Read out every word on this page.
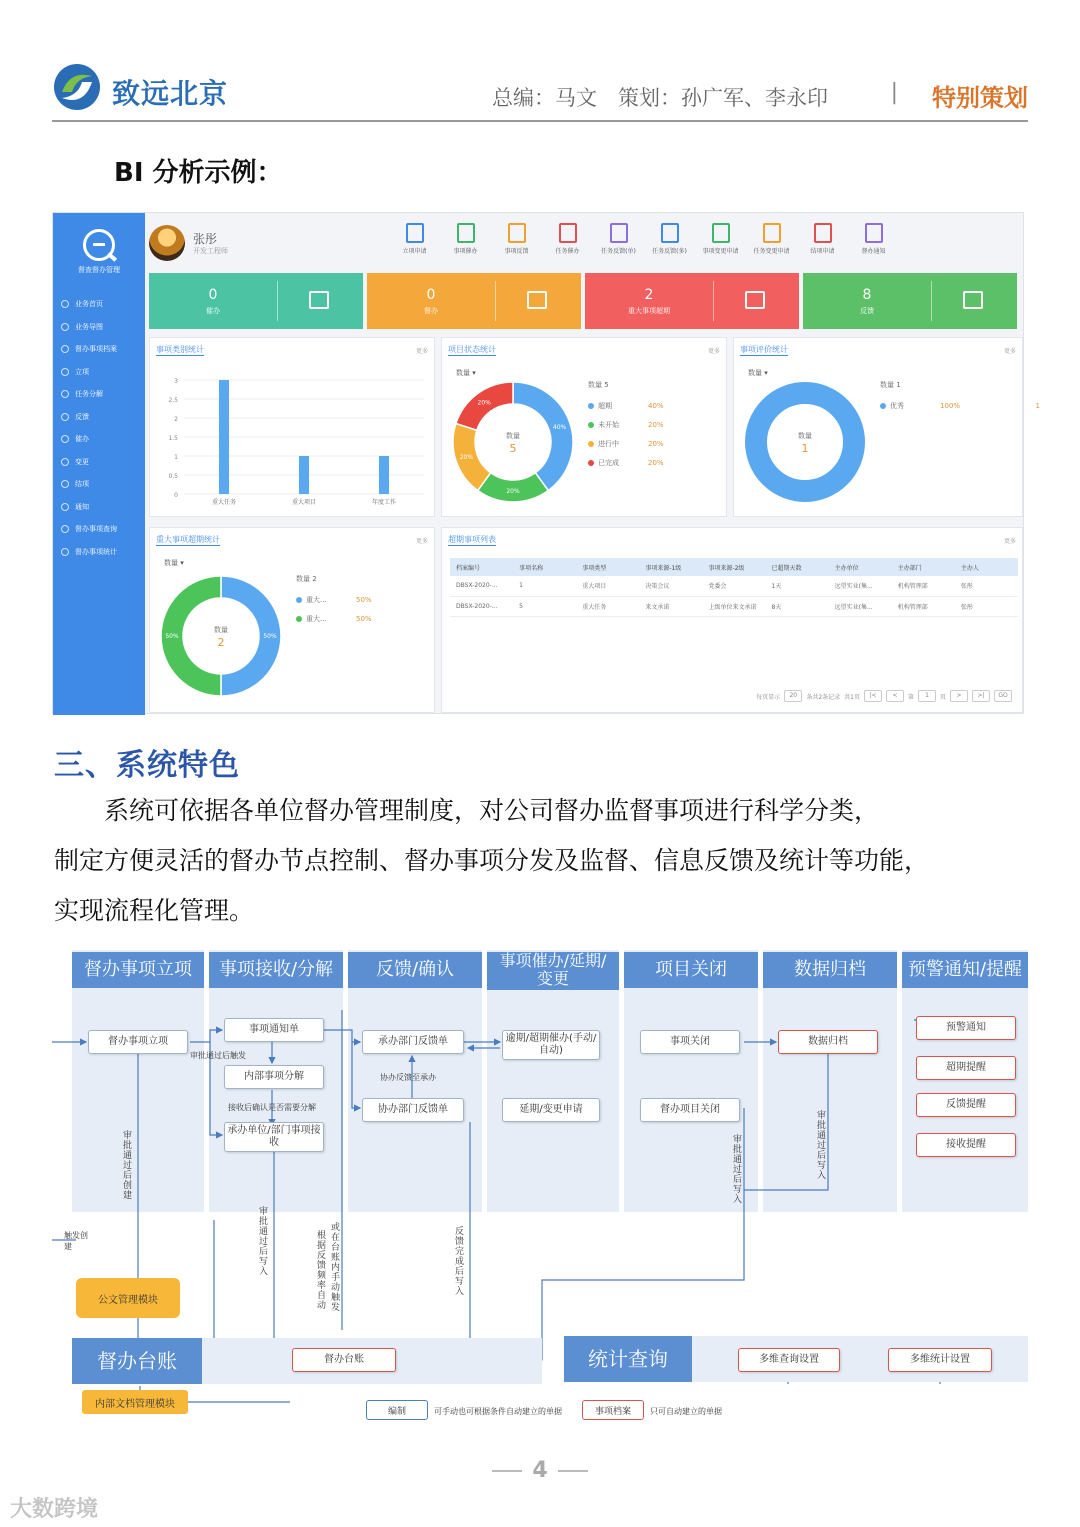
致远北京	总编：马文　策划：孙广军、李永印	| 特别策划
BI 分析示例：
督查督办管理
业务首页
业务导图
督办事项档案
立项
任务分解
反馈
催办
变更
结项
通知
督办事项查询
督办事项统计
张彤
开发工程师	立项申请	事项催办	事项反馈	任务催办	任务反馈(单)	任务反馈(多)	事项变更申请	任务变更申请	结项申请	督办通知
0
催办
0
督办
2
重大事项超期
8
反馈
事项类别统计	更多
3
2.5
2
1.5
1
0.5
0
重大任务	重大项目	年度工作
项目状态统计	更多
数量 ▾
40%
20%
20%
20%
数量
5
数量 5
超期	40%
未开始	20%
进行中	20%
已完成	20%
事项评价统计	更多
数量 ▾
数量
1
数量 1
优秀	100%	1
重大事项超期统计	更多
数量 ▾
50%
50%
数量
2
数量 2
重大...	50%
重大...	50%
超期事项列表	更多
档案编号	事项名称	事项类型	事项来源-1级	事项来源-2级	已超期天数	主办单位	主办部门	主办人
DBSX-2020-...	1	重大项目	决策会议	党委会	1天	远望实业(集...	机构管理部	张彤
DBSX-2020-...	5	重大任务	来文承诺	上级单位来文承诺	8天	远望实业(集...	机构管理部	张彤
每页显示	20	条共2条记录 共1页	|<	<	第	1	页	>	>|	GO
三、系统特色
　　系统可依据各单位督办管理制度，对公司督办监督事项进行科学分类，
制定方便灵活的督办节点控制、督办事项分发及监督、信息反馈及统计等功能，
实现流程化管理。
督办事项立项	事项接收/分解	反馈/确认	事项催办/延期/变更	项目关闭	数据归档	预警通知/提醒
督办事项立项
事项通知单
内部事项分解
承办单位/部门事项接收
承办部门反馈单
协办部门反馈单
逾期/超期催办(手动/自动)
延期/变更申请
事项关闭
督办项目关闭
数据归档
预警通知
超期提醒
反馈提醒
接收提醒
审批通过后触发
协办反馈至承办
接收后确认是否需要分解
审批通过后创建
触发创建	审批通过后写入	根据反馈频率自动 或在台账内手动触发	反馈完成后写入
审批通过后写入	审批通过后写入
公文管理模块
督办台账	督办台账	统计查询	多维查询设置	多维统计设置
内部文档管理模块
编制	可手动也可根据条件自动建立的单据	事项档案	只可自动建立的单据
4
大数跨境
